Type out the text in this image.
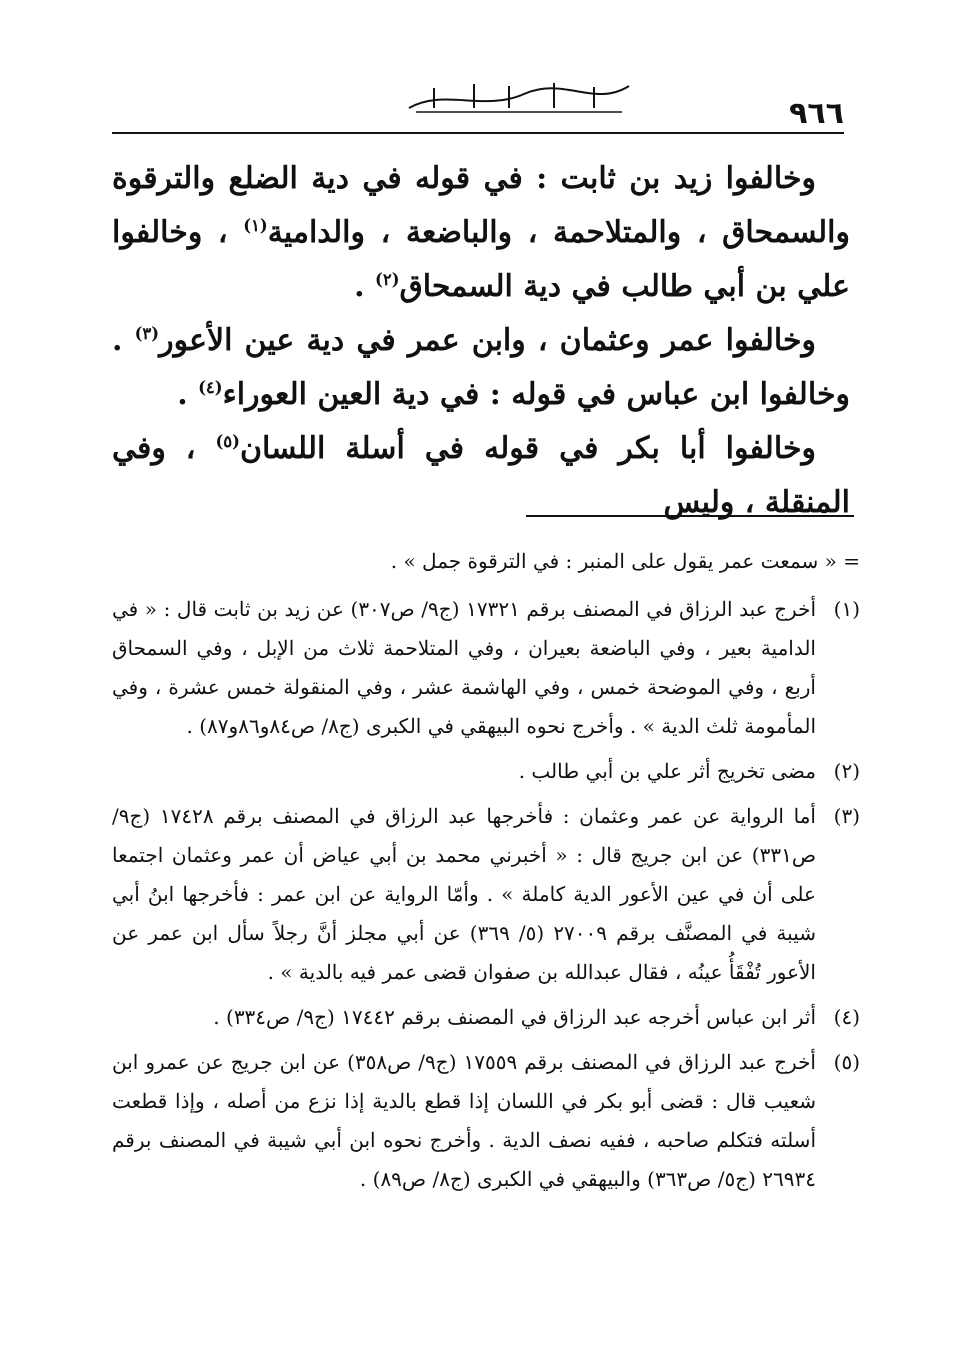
٩٦٦

وخالفوا زيد بن ثابت : في قوله في دية الضلع والترقوة والسمحاق ، والمتلاحمة ، والباضعة ، والدامية$^{(١)}$ ، وخالفوا علي بن أبي طالب في دية السمحاق$^{(٢)}$ .

وخالفوا عمر وعثمان ، وابن عمر في دية عين الأعور$^{(٣)}$ . وخالفوا ابن عباس في قوله : في دية العين العوراء$^{(٤)}$ .

وخالفوا أبا بكر في قوله في أسلة اللسان$^{(٥)}$ ، وفي المنقلة ، وليس

= « سمعت عمر يقول على المنبر : في الترقوة جمل » .

(١)
أخرج عبد الرزاق في المصنف برقم ١٧٣٢١ (ج٩/ ص٣٠٧) عن زيد بن ثابت قال : « في الدامية بعير ، وفي الباضعة بعيران ، وفي المتلاحمة ثلاث من الإبل ، وفي السمحاق أربع ، وفي الموضحة خمس ، وفي الهاشمة عشر ، وفي المنقولة خمس عشرة ، وفي المأمومة ثلث الدية » . وأخرج نحوه البيهقي في الكبرى (ج٨/ ص٨٤و٨٦و٨٧) .
(٢)
مضى تخريج أثر علي بن أبي طالب .
(٣)
أما الرواية عن عمر وعثمان : فأخرجها عبد الرزاق في المصنف برقم ١٧٤٢٨ (ج٩/ ص٣٣١) عن ابن جريج قال : « أخبرني محمد بن أبي عياض أن عمر وعثمان اجتمعا على أن في عين الأعور الدية كاملة » . وأمّا الرواية عن ابن عمر : فأخرجها ابنُ أبي شيبة في المصنَّف برقم ٢٧٠٠٩ (٥/ ٣٦٩) عن أبي مجلز أنَّ رجلاً سأل ابن عمر عن الأعور تُفْقَأُ عينُه ، فقال عبدالله بن صفوان قضى عمر فيه بالدية » .
(٤)
أثر ابن عباس أخرجه عبد الرزاق في المصنف برقم ١٧٤٤٢ (ج٩/ ص٣٣٤) .
(٥)
أخرج عبد الرزاق في المصنف برقم ١٧٥٥٩ (ج٩/ ص٣٥٨) عن ابن جريج عن عمرو ابن شعيب قال : قضى أبو بكر في اللسان إذا قطع بالدية إذا نزع من أصله ، وإذا قطعت أسلته فتكلم صاحبه ، ففيه نصف الدية . وأخرج نحوه ابن أبي شيبة في المصنف برقم ٢٦٩٣٤ (ج٥/ ص٣٦٣) والبيهقي في الكبرى (ج٨/ ص٨٩) .
